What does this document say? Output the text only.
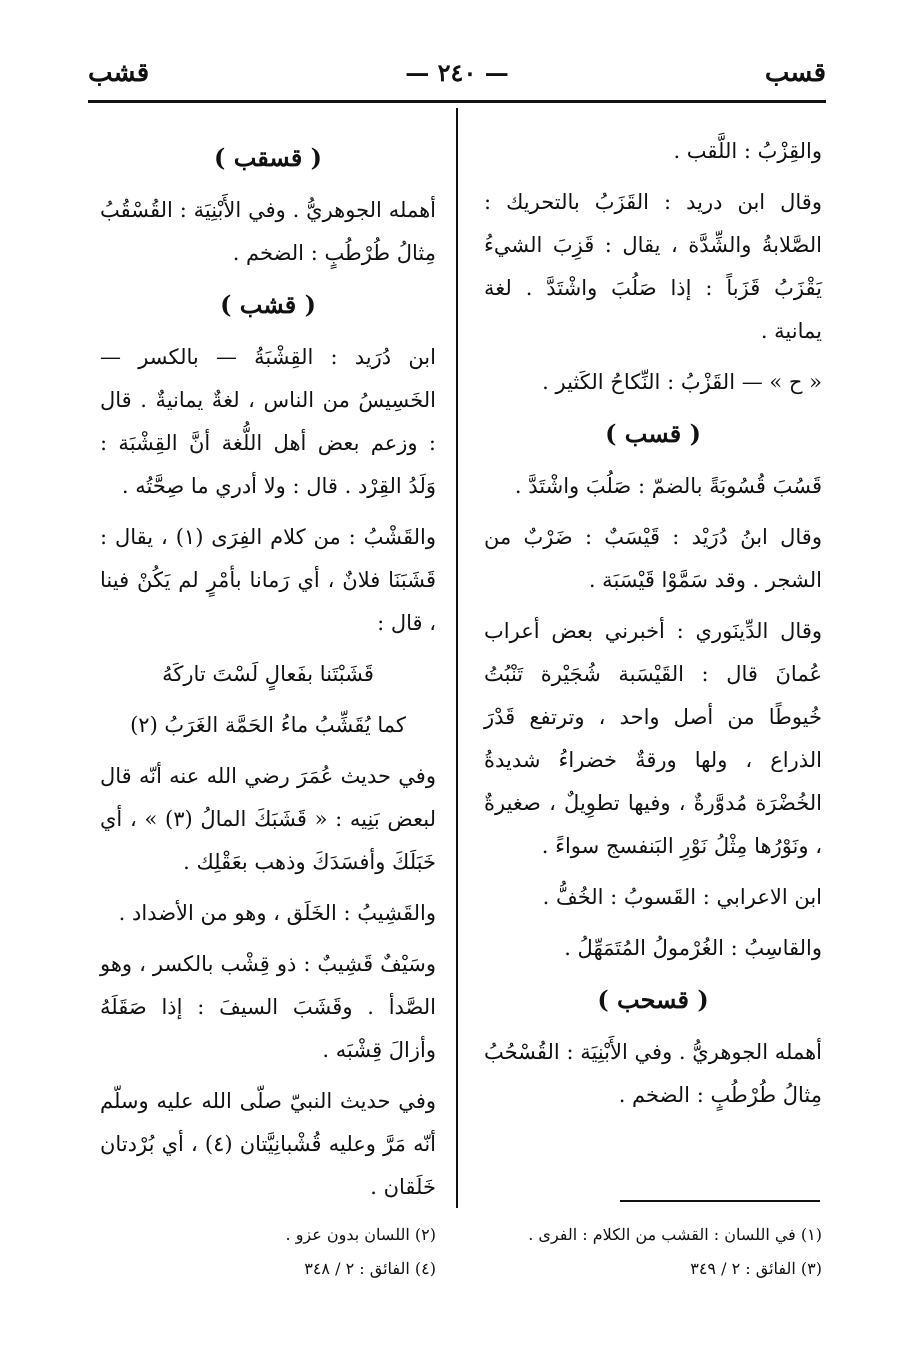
قسب
— ٢٤٠ —
قشب

والقِزْبُ : اللَّقب .

وقال ابن دريد : القَزَبُ بالتحريك : الصَّلابةُ والشِّدَّة ، يقال : قَزِبَ الشيءُ يَقْزَبُ قَزَباً : إذا صَلُبَ واشْتَدَّ . لغة يمانية .

« ح » — القَزْبُ : النِّكاحُ الكَثير .

( قسب )

قَسُبَ قُسُوبَةً بالضمّ : صَلُبَ واشْتَدَّ .

وقال ابنُ دُرَيْد : قَيْسَبٌ : ضَرْبٌ من الشجر . وقد سَمَّوْا قَيْسَبَة .

وقال الدِّينَوري : أخبرني بعض أعراب عُمانَ قال : القَيْسَبة شُجَيْرة تَنْبُتُ خُيوطًا من أصل واحد ، وترتفع قَدْرَ الذراع ، ولها ورقةٌ خضراءُ شديدةُ الخُضْرَة مُدوَّرةٌ ، وفيها تطوِيلٌ ، صغيرةٌ ، ونَوْرُها مِثْلُ نَوْرِ البَنفسج سواءً .

ابن الاعرابي : القَسوبُ : الخُفُّ .

والقاسِبُ : الغُرْمولُ المُتَمَهِّلُ .

( قسحب )

أهمله الجوهريُّ . وفي الأَبْنِيَة : القُسْحُبُ مِثالُ طُرْطُبٍ : الضخم .

( قسقب )

أهمله الجوهريُّ . وفي الأَبْنِيَة : القُسْقُبُ مِثالُ طُرْطُبٍ : الضخم .

( قشب )

ابن دُرَيد : القِشْبَةُ — بالكسر — الخَسِيسُ من الناس ، لغةٌ يمانيةٌ . قال : وزعم بعض أهل اللُّغة أنَّ القِشْبَة : وَلَدُ القِرْد . قال : ولا أدري ما صِحَّتُه .

والقَشْبُ : من كلام الفِرَى (١) ، يقال : قَشَبَنَا فلانٌ ، أي رَمانا بأمْرٍ لم يَكُنْ فينا ، قال :

قَشَبْتَنا بفَعالٍ لَسْتَ تاركَهُ

كما يُقَشِّبُ ماءُ الحَمَّة الغَرَبُ (٢)

وفي حديث عُمَرَ رضي الله عنه أنّه قال لبعض بَنِيه : « قَشَبَكَ المالُ (٣) » ، أي خَبَلَكَ وأفسَدَكَ وذهب بعَقْلِك .

والقَشِيبُ : الخَلَق ، وهو من الأضداد .

وسَيْفٌ قَشِيبٌ : ذو قِشْب بالكسر ، وهو الصَّدأ . وقَشَبَ السيفَ : إذا صَقَلَهُ وأزالَ قِشْبَه .

وفي حديث النبيّ صلّى الله عليه وسلّم أنّه مَرَّ وعليه قُشْبانِيَّتان (٤) ، أي بُرْدتان خَلَقان .

(١) في اللسان : القشب من الكلام : الفرى .
(٣) الفائق : ٢ / ٣٤٩
(٢) اللسان بدون عزو .
(٤) الفائق : ٢ / ٣٤٨
